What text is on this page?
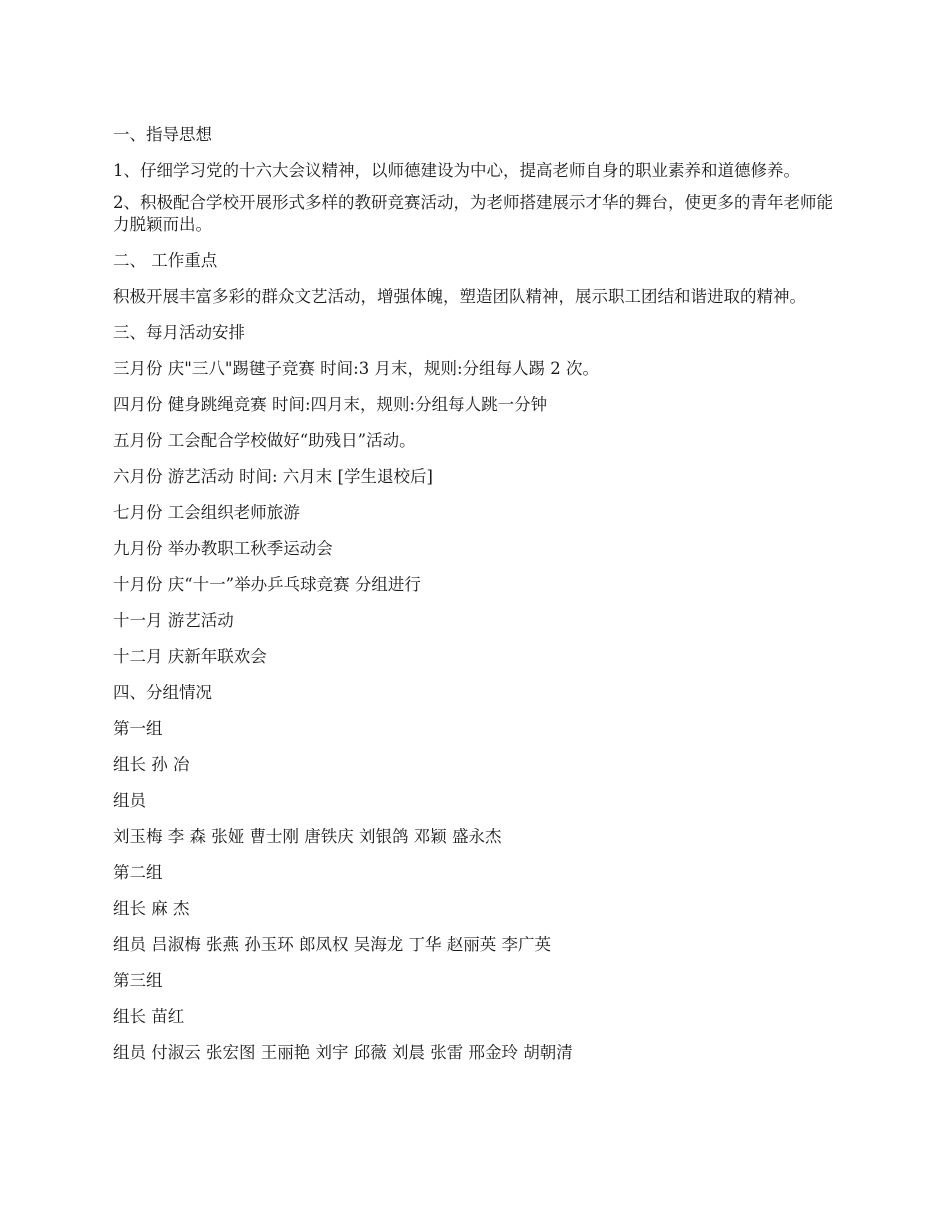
一、指导思想
1、仔细学习党的十六大会议精神，以师德建设为中心，提高老师自身的职业素养和道德修养。
2、积极配合学校开展形式多样的教研竞赛活动，为老师搭建展示才华的舞台，使更多的青年老师能力脱颖而出。
二、 工作重点
积极开展丰富多彩的群众文艺活动，增强体魄，塑造团队精神，展示职工团结和谐进取的精神。
三、每月活动安排
三月份 庆"三八"踢毽子竞赛 时间:3 月末，规则:分组每人踢 2 次。
四月份 健身跳绳竞赛 时间:四月末，规则:分组每人跳一分钟
五月份 工会配合学校做好“助残日”活动。
六月份 游艺活动 时间: 六月末 [学生退校后]
七月份 工会组织老师旅游
九月份 举办教职工秋季运动会
十月份 庆“十一”举办乒乓球竞赛 分组进行
十一月 游艺活动
十二月 庆新年联欢会
四、分组情况
第一组
组长 孙 冶
组员
刘玉梅 李 森 张娅 曹士刚 唐铁庆 刘银鸽 邓颖 盛永杰
第二组
组长 麻 杰
组员 吕淑梅 张燕 孙玉环 郎凤权 吴海龙 丁华 赵丽英 李广英
第三组
组长 苗红
组员 付淑云 张宏图 王丽艳 刘宇 邱薇 刘晨 张雷 邢金玲 胡朝清
